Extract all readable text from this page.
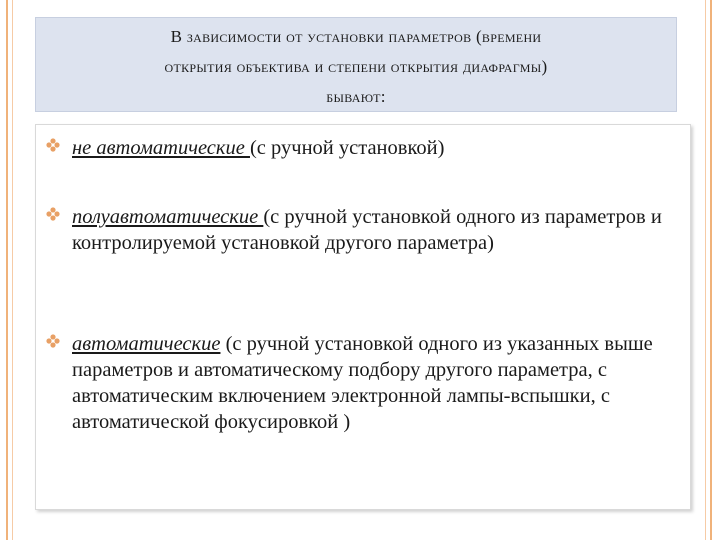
В зависимости от установки параметров (времени
открытия объектива и степени открытия диафрагмы)
бывают:
не автоматические (с ручной установкой)
полуавтоматические (с ручной установкой одного из параметров и контролируемой установкой другого параметра)
автоматические (с ручной установкой одного из указанных выше параметров и автоматическому подбору другого параметра, с автоматическим включением электронной лампы-вспышки, с автоматической фокусировкой )
